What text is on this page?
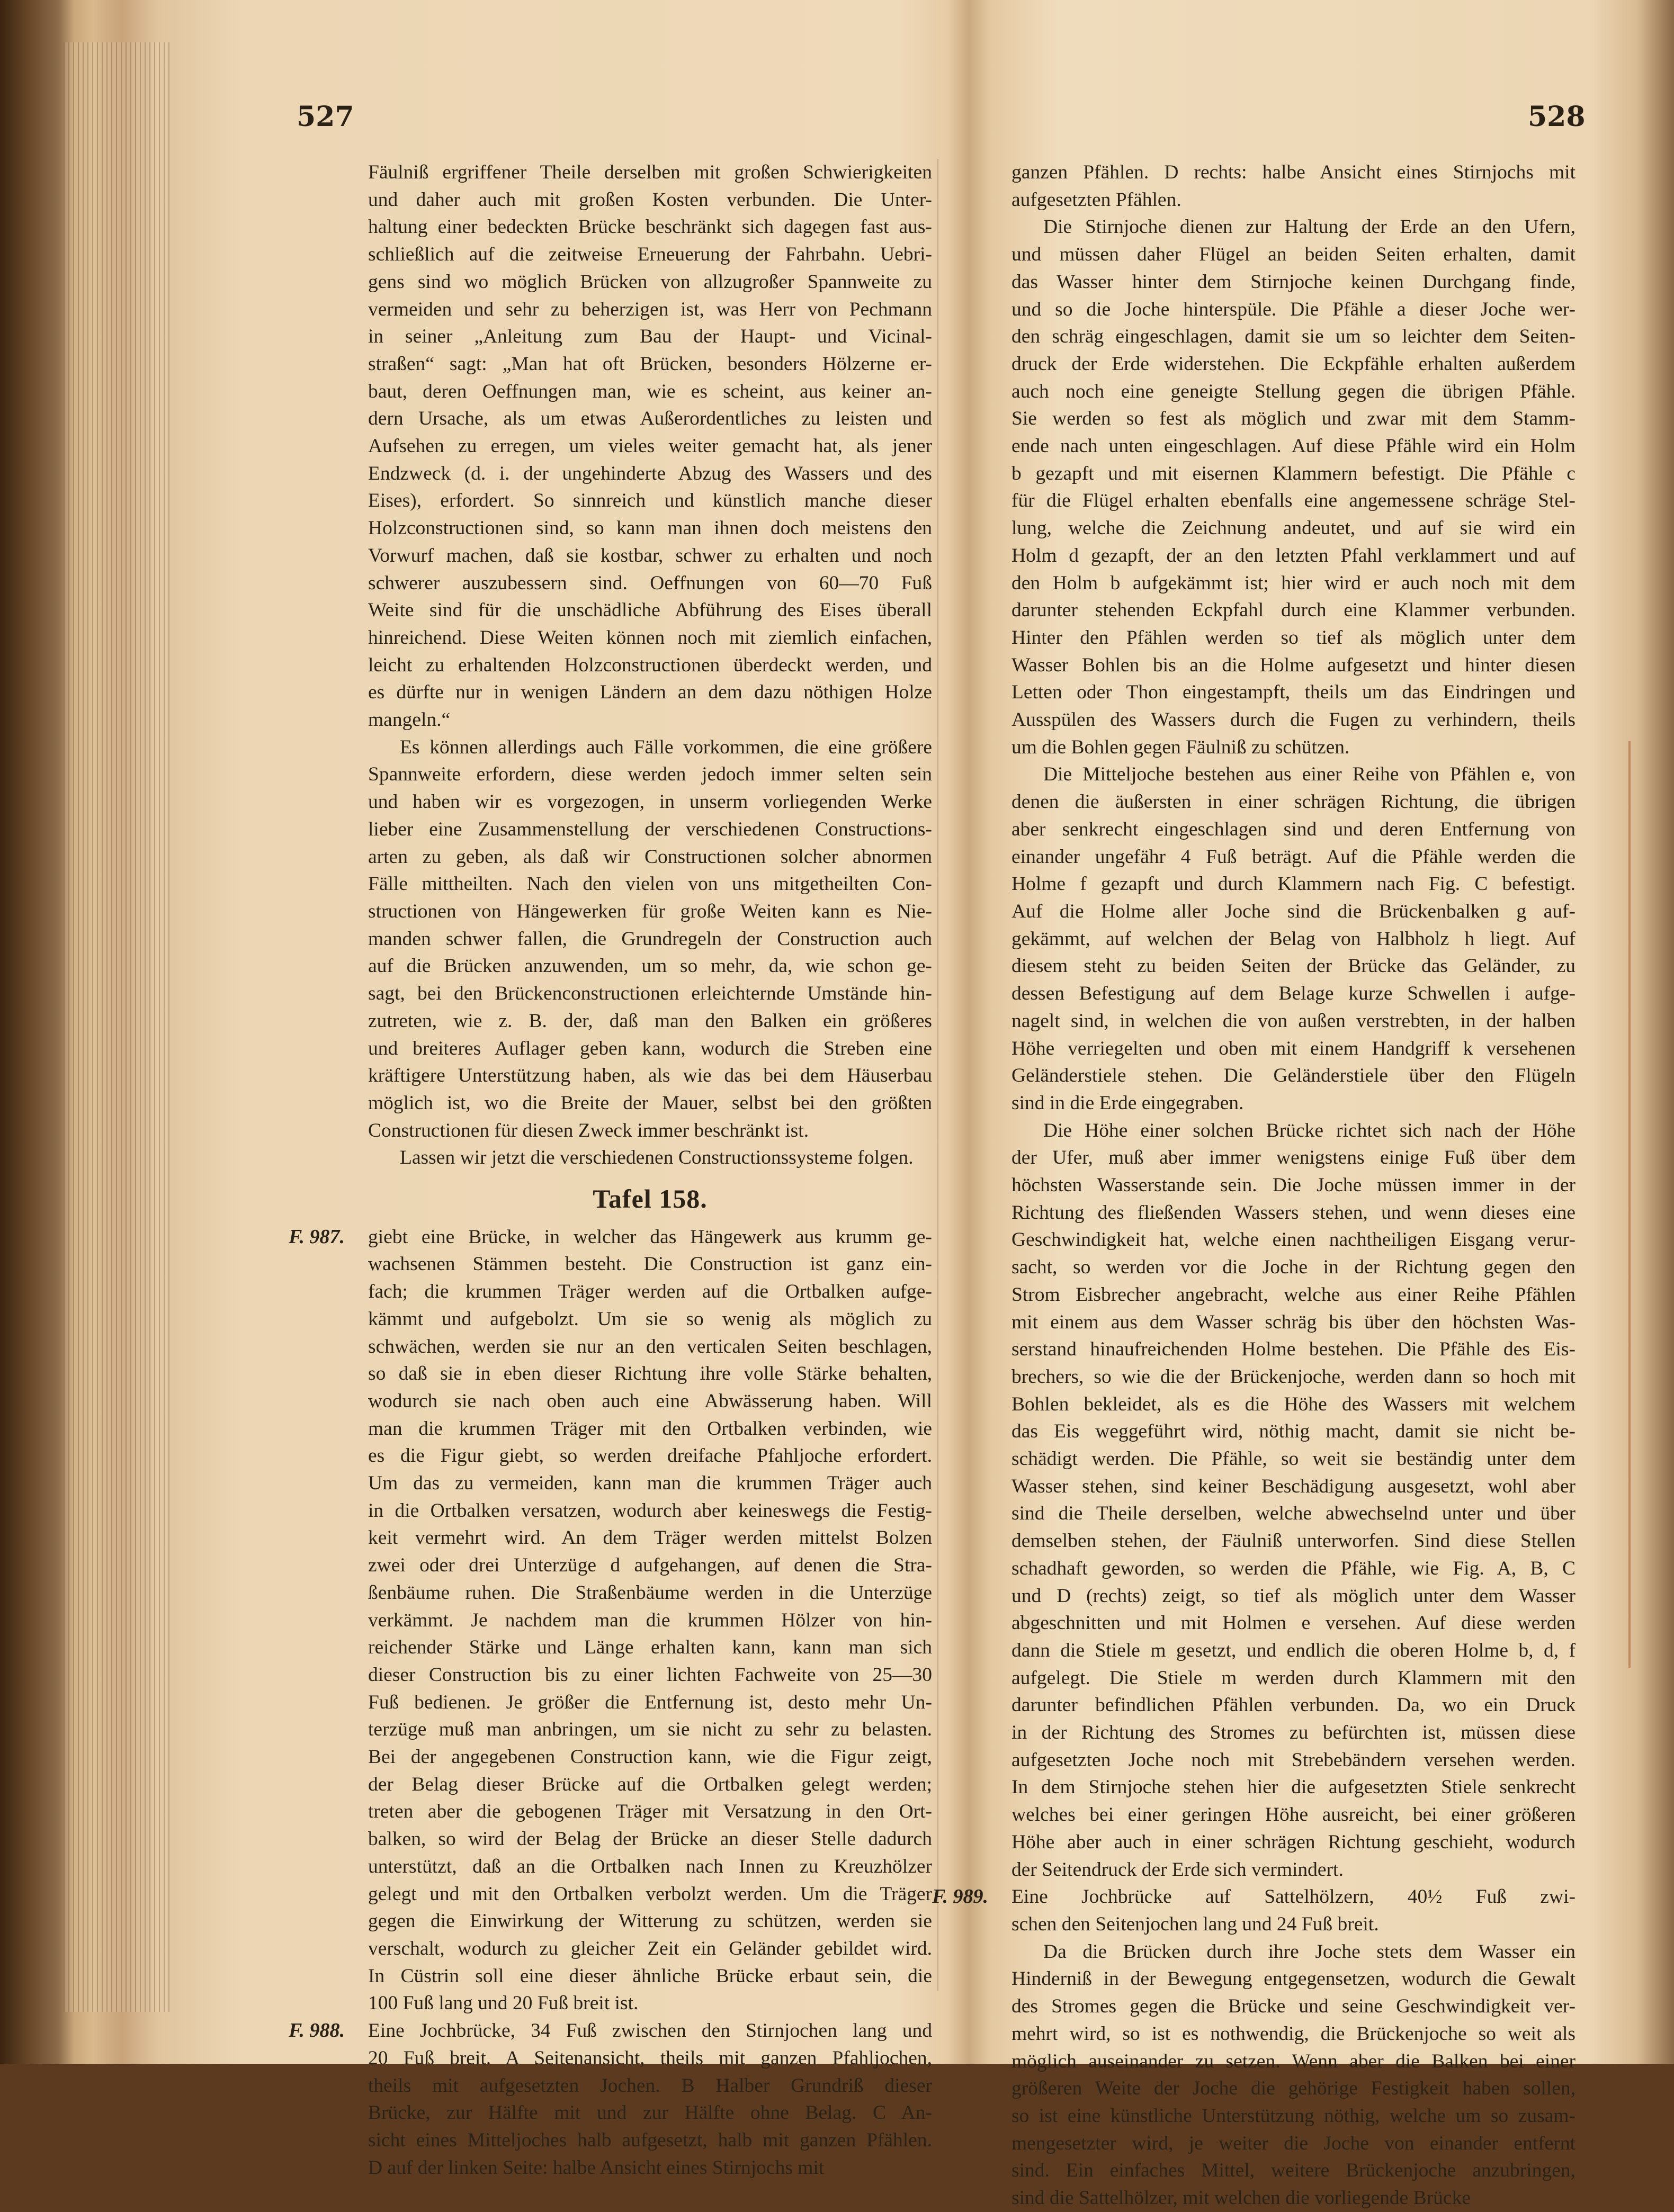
527	528
Fäulniß ergriffener Theile derselben mit großen Schwierigkeiten
und daher auch mit großen Kosten verbunden. Die Unter-
haltung einer bedeckten Brücke beschränkt sich dagegen fast aus-
schließlich auf die zeitweise Erneuerung der Fahrbahn. Uebri-
gens sind wo möglich Brücken von allzugroßer Spannweite zu
vermeiden und sehr zu beherzigen ist, was Herr von Pechmann
in seiner „Anleitung zum Bau der Haupt- und Vicinal-
straßen“ sagt: „Man hat oft Brücken, besonders Hölzerne er-
baut, deren Oeffnungen man, wie es scheint, aus keiner an-
dern Ursache, als um etwas Außerordentliches zu leisten und
Aufsehen zu erregen, um vieles weiter gemacht hat, als jener
Endzweck (d. i. der ungehinderte Abzug des Wassers und des
Eises), erfordert. So sinnreich und künstlich manche dieser
Holzconstructionen sind, so kann man ihnen doch meistens den
Vorwurf machen, daß sie kostbar, schwer zu erhalten und noch
schwerer auszubessern sind. Oeffnungen von 60—70 Fuß
Weite sind für die unschädliche Abführung des Eises überall
hinreichend. Diese Weiten können noch mit ziemlich einfachen,
leicht zu erhaltenden Holzconstructionen überdeckt werden, und
es dürfte nur in wenigen Ländern an dem dazu nöthigen Holze
mangeln.“
Es können allerdings auch Fälle vorkommen, die eine größere
Spannweite erfordern, diese werden jedoch immer selten sein
und haben wir es vorgezogen, in unserm vorliegenden Werke
lieber eine Zusammenstellung der verschiedenen Constructions-
arten zu geben, als daß wir Constructionen solcher abnormen
Fälle mittheilten. Nach den vielen von uns mitgetheilten Con-
structionen von Hängewerken für große Weiten kann es Nie-
manden schwer fallen, die Grundregeln der Construction auch
auf die Brücken anzuwenden, um so mehr, da, wie schon ge-
sagt, bei den Brückenconstructionen erleichternde Umstände hin-
zutreten, wie z. B. der, daß man den Balken ein größeres
und breiteres Auflager geben kann, wodurch die Streben eine
kräftigere Unterstützung haben, als wie das bei dem Häuserbau
möglich ist, wo die Breite der Mauer, selbst bei den größten
Constructionen für diesen Zweck immer beschränkt ist.
Lassen wir jetzt die verschiedenen Constructionssysteme folgen.
Tafel 158.
F. 987. giebt eine Brücke, in welcher das Hängewerk aus krumm ge-
wachsenen Stämmen besteht. Die Construction ist ganz ein-
fach; die krummen Träger werden auf die Ortbalken aufge-
kämmt und aufgebolzt. Um sie so wenig als möglich zu
schwächen, werden sie nur an den verticalen Seiten beschlagen,
so daß sie in eben dieser Richtung ihre volle Stärke behalten,
wodurch sie nach oben auch eine Abwässerung haben. Will
man die krummen Träger mit den Ortbalken verbinden, wie
es die Figur giebt, so werden dreifache Pfahljoche erfordert.
Um das zu vermeiden, kann man die krummen Träger auch
in die Ortbalken versatzen, wodurch aber keineswegs die Festig-
keit vermehrt wird. An dem Träger werden mittelst Bolzen
zwei oder drei Unterzüge d aufgehangen, auf denen die Stra-
ßenbäume ruhen. Die Straßenbäume werden in die Unterzüge
verkämmt. Je nachdem man die krummen Hölzer von hin-
reichender Stärke und Länge erhalten kann, kann man sich
dieser Construction bis zu einer lichten Fachweite von 25—30
Fuß bedienen. Je größer die Entfernung ist, desto mehr Un-
terzüge muß man anbringen, um sie nicht zu sehr zu belasten.
Bei der angegebenen Construction kann, wie die Figur zeigt,
der Belag dieser Brücke auf die Ortbalken gelegt werden;
treten aber die gebogenen Träger mit Versatzung in den Ort-
balken, so wird der Belag der Brücke an dieser Stelle dadurch
unterstützt, daß an die Ortbalken nach Innen zu Kreuzhölzer
gelegt und mit den Ortbalken verbolzt werden. Um die Träger
gegen die Einwirkung der Witterung zu schützen, werden sie
verschalt, wodurch zu gleicher Zeit ein Geländer gebildet wird.
In Cüstrin soll eine dieser ähnliche Brücke erbaut sein, die
100 Fuß lang und 20 Fuß breit ist.
F. 988. Eine Jochbrücke, 34 Fuß zwischen den Stirnjochen lang und
20 Fuß breit. A Seitenansicht, theils mit ganzen Pfahljochen,
theils mit aufgesetzten Jochen. B Halber Grundriß dieser
Brücke, zur Hälfte mit und zur Hälfte ohne Belag. C An-
sicht eines Mitteljoches halb aufgesetzt, halb mit ganzen Pfählen.
D auf der linken Seite: halbe Ansicht eines Stirnjochs mit
ganzen Pfählen. D rechts: halbe Ansicht eines Stirnjochs mit
aufgesetzten Pfählen.
Die Stirnjoche dienen zur Haltung der Erde an den Ufern,
und müssen daher Flügel an beiden Seiten erhalten, damit
das Wasser hinter dem Stirnjoche keinen Durchgang finde,
und so die Joche hinterspüle. Die Pfähle a dieser Joche wer-
den schräg eingeschlagen, damit sie um so leichter dem Seiten-
druck der Erde widerstehen. Die Eckpfähle erhalten außerdem
auch noch eine geneigte Stellung gegen die übrigen Pfähle.
Sie werden so fest als möglich und zwar mit dem Stamm-
ende nach unten eingeschlagen. Auf diese Pfähle wird ein Holm
b gezapft und mit eisernen Klammern befestigt. Die Pfähle c
für die Flügel erhalten ebenfalls eine angemessene schräge Stel-
lung, welche die Zeichnung andeutet, und auf sie wird ein
Holm d gezapft, der an den letzten Pfahl verklammert und auf
den Holm b aufgekämmt ist; hier wird er auch noch mit dem
darunter stehenden Eckpfahl durch eine Klammer verbunden.
Hinter den Pfählen werden so tief als möglich unter dem
Wasser Bohlen bis an die Holme aufgesetzt und hinter diesen
Letten oder Thon eingestampft, theils um das Eindringen und
Ausspülen des Wassers durch die Fugen zu verhindern, theils
um die Bohlen gegen Fäulniß zu schützen.
Die Mitteljoche bestehen aus einer Reihe von Pfählen e, von
denen die äußersten in einer schrägen Richtung, die übrigen
aber senkrecht eingeschlagen sind und deren Entfernung von
einander ungefähr 4 Fuß beträgt. Auf die Pfähle werden die
Holme f gezapft und durch Klammern nach Fig. C befestigt.
Auf die Holme aller Joche sind die Brückenbalken g auf-
gekämmt, auf welchen der Belag von Halbholz h liegt. Auf
diesem steht zu beiden Seiten der Brücke das Geländer, zu
dessen Befestigung auf dem Belage kurze Schwellen i aufge-
nagelt sind, in welchen die von außen verstrebten, in der halben
Höhe verriegelten und oben mit einem Handgriff k versehenen
Geländerstiele stehen. Die Geländerstiele über den Flügeln
sind in die Erde eingegraben.
Die Höhe einer solchen Brücke richtet sich nach der Höhe
der Ufer, muß aber immer wenigstens einige Fuß über dem
höchsten Wasserstande sein. Die Joche müssen immer in der
Richtung des fließenden Wassers stehen, und wenn dieses eine
Geschwindigkeit hat, welche einen nachtheiligen Eisgang verur-
sacht, so werden vor die Joche in der Richtung gegen den
Strom Eisbrecher angebracht, welche aus einer Reihe Pfählen
mit einem aus dem Wasser schräg bis über den höchsten Was-
serstand hinaufreichenden Holme bestehen. Die Pfähle des Eis-
brechers, so wie die der Brückenjoche, werden dann so hoch mit
Bohlen bekleidet, als es die Höhe des Wassers mit welchem
das Eis weggeführt wird, nöthig macht, damit sie nicht be-
schädigt werden. Die Pfähle, so weit sie beständig unter dem
Wasser stehen, sind keiner Beschädigung ausgesetzt, wohl aber
sind die Theile derselben, welche abwechselnd unter und über
demselben stehen, der Fäulniß unterworfen. Sind diese Stellen
schadhaft geworden, so werden die Pfähle, wie Fig. A, B, C
und D (rechts) zeigt, so tief als möglich unter dem Wasser
abgeschnitten und mit Holmen e versehen. Auf diese werden
dann die Stiele m gesetzt, und endlich die oberen Holme b, d, f
aufgelegt. Die Stiele m werden durch Klammern mit den
darunter befindlichen Pfählen verbunden. Da, wo ein Druck
in der Richtung des Stromes zu befürchten ist, müssen diese
aufgesetzten Joche noch mit Strebebändern versehen werden.
In dem Stirnjoche stehen hier die aufgesetzten Stiele senkrecht
welches bei einer geringen Höhe ausreicht, bei einer größeren
Höhe aber auch in einer schrägen Richtung geschieht, wodurch
der Seitendruck der Erde sich vermindert.
F. 989. Eine Jochbrücke auf Sattelhölzern, 40½ Fuß zwi-
schen den Seitenjochen lang und 24 Fuß breit.
Da die Brücken durch ihre Joche stets dem Wasser ein
Hinderniß in der Bewegung entgegensetzen, wodurch die Gewalt
des Stromes gegen die Brücke und seine Geschwindigkeit ver-
mehrt wird, so ist es nothwendig, die Brückenjoche so weit als
möglich auseinander zu setzen. Wenn aber die Balken bei einer
größeren Weite der Joche die gehörige Festigkeit haben sollen,
so ist eine künstliche Unterstützung nöthig, welche um so zusam-
mengesetzter wird, je weiter die Joche von einander entfernt
sind. Ein einfaches Mittel, weitere Brückenjoche anzubringen,
sind die Sattelhölzer, mit welchen die vorliegende Brücke
